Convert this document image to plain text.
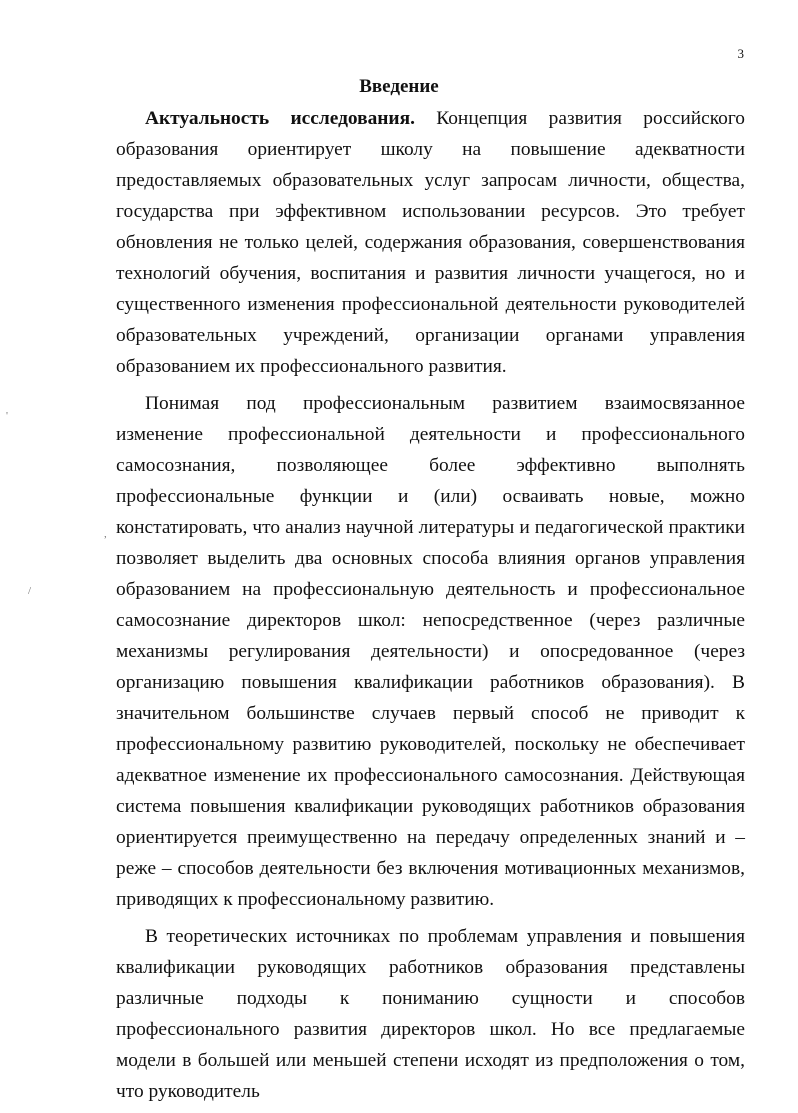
3
Введение

Актуальность исследования. Концепция развития российского образования ориентирует школу на повышение адекватности предоставляемых образовательных услуг запросам личности, общества, государства при эффективном использовании ресурсов. Это требует обновления не только целей, содержания образования, совершенствования технологий обучения, воспитания и развития личности учащегося, но и существенного изменения профессиональной деятельности руководителей образовательных учреждений, организации органами управления образованием их профессионального развития.

Понимая под профессиональным развитием взаимосвязанное изменение профессиональной деятельности и профессионального самосознания, позволяющее более эффективно выполнять профессиональные функции и (или) осваивать новые, можно констатировать, что анализ научной литературы и педагогической практики позволяет выделить два основных способа влияния органов управления образованием на профессиональную деятельность и профессиональное самосознание директоров школ: непосредственное (через различные механизмы регулирования деятельности) и опосредованное (через организацию повышения квалификации работников образования). В значительном большинстве случаев первый способ не приводит к профессиональному развитию руководителей, поскольку не обеспечивает адекватное изменение их профессионального самосознания. Действующая система повышения квалификации руководящих работников образования ориентируется преимущественно на передачу определенных знаний и – реже – способов деятельности без включения мотивационных механизмов, приводящих к профессиональному развитию.

В теоретических источниках по проблемам управления и повышения квалификации руководящих работников образования представлены различные подходы к пониманию сущности и способов профессионального развития директоров школ. Но все предлагаемые модели в большей или меньшей степени исходят из предположения о том, что руководитель

'
,
/
